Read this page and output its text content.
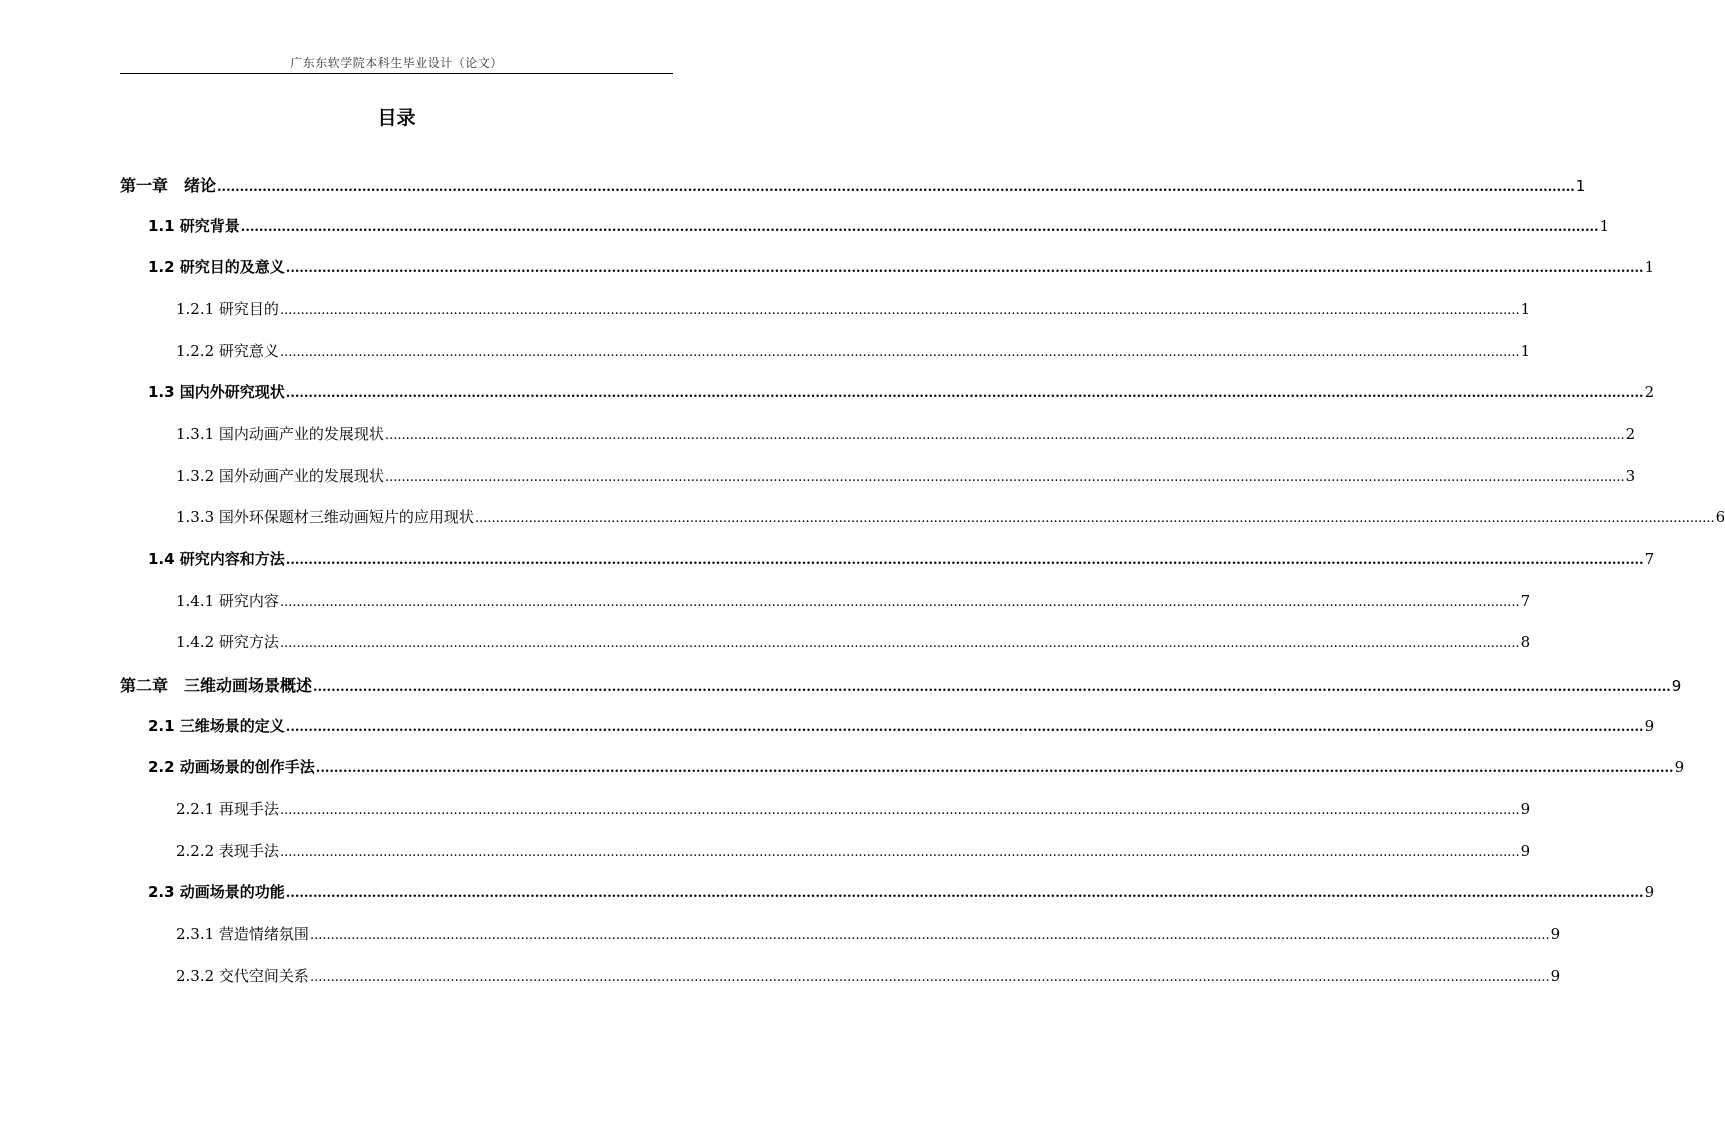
广东东软学院本科生毕业设计（论文）
目录
第一章　绪论 ............................................................................................................................................................................................................................................................................................................ 1
1.1 研究背景 ............................................................................................................................................................................................................................................................................................................ 1
1.2 研究目的及意义 ............................................................................................................................................................................................................................................................................................................ 1
1.2.1 研究目的 ............................................................................................................................................................................................................................................................................................................ 1
1.2.2 研究意义 ............................................................................................................................................................................................................................................................................................................ 1
1.3 国内外研究现状 ............................................................................................................................................................................................................................................................................................................ 2
1.3.1 国内动画产业的发展现状 ............................................................................................................................................................................................................................................................................................................ 2
1.3.2 国外动画产业的发展现状 ............................................................................................................................................................................................................................................................................................................ 3
1.3.3 国外环保题材三维动画短片的应用现状 ............................................................................................................................................................................................................................................................................................................ 6
1.4 研究内容和方法 ............................................................................................................................................................................................................................................................................................................ 7
1.4.1 研究内容 ............................................................................................................................................................................................................................................................................................................ 7
1.4.2 研究方法 ............................................................................................................................................................................................................................................................................................................ 8
第二章　三维动画场景概述 ............................................................................................................................................................................................................................................................................................................ 9
2.1 三维场景的定义 ............................................................................................................................................................................................................................................................................................................ 9
2.2 动画场景的创作手法 ............................................................................................................................................................................................................................................................................................................ 9
2.2.1 再现手法 ............................................................................................................................................................................................................................................................................................................ 9
2.2.2 表现手法 ............................................................................................................................................................................................................................................................................................................ 9
2.3 动画场景的功能 ............................................................................................................................................................................................................................................................................................................ 9
2.3.1 营造情绪氛围 ............................................................................................................................................................................................................................................................................................................ 9
2.3.2 交代空间关系 ............................................................................................................................................................................................................................................................................................................ 9
